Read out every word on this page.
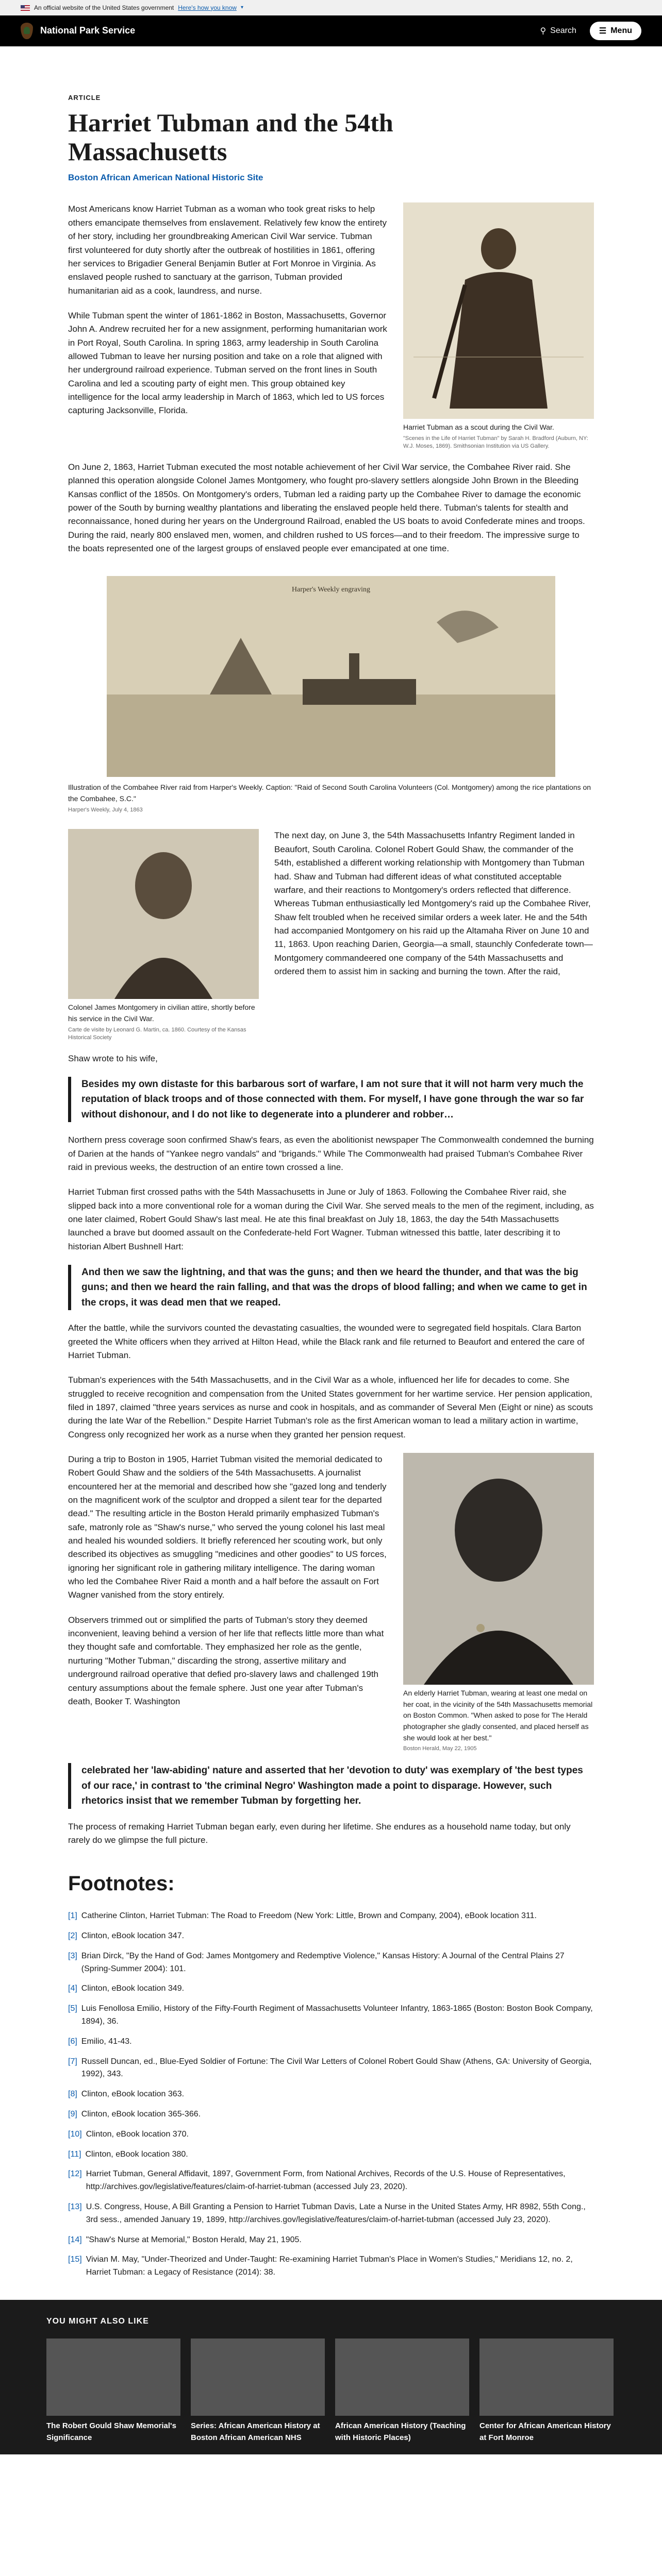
An official website of the United States government Here's how you know ▾
National Park Service	⚲ Search	☰ Menu
ARTICLE
Harriet Tubman and the 54th Massachusetts
Boston African American National Historic Site
Harriet Tubman as a scout during the Civil War.
"Scenes in the Life of Harriet Tubman" by Sarah H. Bradford (Auburn, NY: W.J. Moses, 1869). Smithsonian Institution via US Gallery.

Most Americans know Harriet Tubman as a woman who took great risks to help others emancipate themselves from enslavement. Relatively few know the entirety of her story, including her groundbreaking American Civil War service. Tubman first volunteered for duty shortly after the outbreak of hostilities in 1861, offering her services to Brigadier General Benjamin Butler at Fort Monroe in Virginia. As enslaved people rushed to sanctuary at the garrison, Tubman provided humanitarian aid as a cook, laundress, and nurse.

While Tubman spent the winter of 1861-1862 in Boston, Massachusetts, Governor John A. Andrew recruited her for a new assignment, performing humanitarian work in Port Royal, South Carolina. In spring 1863, army leadership in South Carolina allowed Tubman to leave her nursing position and take on a role that aligned with her underground railroad experience. Tubman served on the front lines in South Carolina and led a scouting party of eight men. This group obtained key intelligence for the local army leadership in March of 1863, which led to US forces capturing Jacksonville, Florida.

On June 2, 1863, Harriet Tubman executed the most notable achievement of her Civil War service, the Combahee River raid. She planned this operation alongside Colonel James Montgomery, who fought pro-slavery settlers alongside John Brown in the Bleeding Kansas conflict of the 1850s. On Montgomery's orders, Tubman led a raiding party up the Combahee River to damage the economic power of the South by burning wealthy plantations and liberating the enslaved people held there. Tubman's talents for stealth and reconnaissance, honed during her years on the Underground Railroad, enabled the US boats to avoid Confederate mines and troops. During the raid, nearly 800 enslaved men, women, and children rushed to US forces—and to their freedom. The impressive surge to the boats represented one of the largest groups of enslaved people ever emancipated at one time.

Harper's Weekly engraving
Illustration of the Combahee River raid from Harper's Weekly. Caption: "Raid of Second South Carolina Volunteers (Col. Montgomery) among the rice plantations on the Combahee, S.C."
Harper's Weekly, July 4, 1863
Colonel James Montgomery in civilian attire, shortly before his service in the Civil War.
Carte de visite by Leonard G. Martin, ca. 1860. Courtesy of the Kansas Historical Society

The next day, on June 3, the 54th Massachusetts Infantry Regiment landed in Beaufort, South Carolina. Colonel Robert Gould Shaw, the commander of the 54th, established a different working relationship with Montgomery than Tubman had. Shaw and Tubman had different ideas of what constituted acceptable warfare, and their reactions to Montgomery's orders reflected that difference. Whereas Tubman enthusiastically led Montgomery's raid up the Combahee River, Shaw felt troubled when he received similar orders a week later. He and the 54th had accompanied Montgomery on his raid up the Altamaha River on June 10 and 11, 1863. Upon reaching Darien, Georgia—a small, staunchly Confederate town—Montgomery commandeered one company of the 54th Massachusetts and ordered them to assist him in sacking and burning the town. After the raid,

Shaw wrote to his wife,

Besides my own distaste for this barbarous sort of warfare, I am not sure that it will not harm very much the reputation of black troops and of those connected with them. For myself, I have gone through the war so far without dishonour, and I do not like to degenerate into a plunderer and robber…

Northern press coverage soon confirmed Shaw's fears, as even the abolitionist newspaper The Commonwealth condemned the burning of Darien at the hands of "Yankee negro vandals" and "brigands." While The Commonwealth had praised Tubman's Combahee River raid in previous weeks, the destruction of an entire town crossed a line.

Harriet Tubman first crossed paths with the 54th Massachusetts in June or July of 1863. Following the Combahee River raid, she slipped back into a more conventional role for a woman during the Civil War. She served meals to the men of the regiment, including, as one later claimed, Robert Gould Shaw's last meal. He ate this final breakfast on July 18, 1863, the day the 54th Massachusetts launched a brave but doomed assault on the Confederate-held Fort Wagner. Tubman witnessed this battle, later describing it to historian Albert Bushnell Hart:

And then we saw the lightning, and that was the guns; and then we heard the thunder, and that was the big guns; and then we heard the rain falling, and that was the drops of blood falling; and when we came to get in the crops, it was dead men that we reaped.

After the battle, while the survivors counted the devastating casualties, the wounded were to segregated field hospitals. Clara Barton greeted the White officers when they arrived at Hilton Head, while the Black rank and file returned to Beaufort and entered the care of Harriet Tubman.

Tubman's experiences with the 54th Massachusetts, and in the Civil War as a whole, influenced her life for decades to come. She struggled to receive recognition and compensation from the United States government for her wartime service. Her pension application, filed in 1897, claimed "three years services as nurse and cook in hospitals, and as commander of Several Men (Eight or nine) as scouts during the late War of the Rebellion." Despite Harriet Tubman's role as the first American woman to lead a military action in wartime, Congress only recognized her work as a nurse when they granted her pension request.

An elderly Harriet Tubman, wearing at least one medal on her coat, in the vicinity of the 54th Massachusetts memorial on Boston Common. "When asked to pose for The Herald photographer she gladly consented, and placed herself as she would look at her best."
Boston Herald, May 22, 1905

During a trip to Boston in 1905, Harriet Tubman visited the memorial dedicated to Robert Gould Shaw and the soldiers of the 54th Massachusetts. A journalist encountered her at the memorial and described how she "gazed long and tenderly on the magnificent work of the sculptor and dropped a silent tear for the departed dead." The resulting article in the Boston Herald primarily emphasized Tubman's safe, matronly role as "Shaw's nurse," who served the young colonel his last meal and healed his wounded soldiers. It briefly referenced her scouting work, but only described its objectives as smuggling "medicines and other goodies" to US forces, ignoring her significant role in gathering military intelligence. The daring woman who led the Combahee River Raid a month and a half before the assault on Fort Wagner vanished from the story entirely.

Observers trimmed out or simplified the parts of Tubman's story they deemed inconvenient, leaving behind a version of her life that reflects little more than what they thought safe and comfortable. They emphasized her role as the gentle, nurturing "Mother Tubman," discarding the strong, assertive military and underground railroad operative that defied pro-slavery laws and challenged 19th century assumptions about the female sphere. Just one year after Tubman's death, Booker T. Washington

celebrated her 'law-abiding' nature and asserted that her 'devotion to duty' was exemplary of 'the best types of our race,' in contrast to 'the criminal Negro' Washington made a point to disparage. However, such rhetorics insist that we remember Tubman by forgetting her.

The process of remaking Harriet Tubman began early, even during her lifetime. She endures as a household name today, but only rarely do we glimpse the full picture.

Footnotes:
[1] Catherine Clinton, Harriet Tubman: The Road to Freedom (New York: Little, Brown and Company, 2004), eBook location 311.
[2] Clinton, eBook location 347.
[3] Brian Dirck, "By the Hand of God: James Montgomery and Redemptive Violence," Kansas History: A Journal of the Central Plains 27 (Spring-Summer 2004): 101.
[4] Clinton, eBook location 349.
[5] Luis Fenollosa Emilio, History of the Fifty-Fourth Regiment of Massachusetts Volunteer Infantry, 1863-1865 (Boston: Boston Book Company, 1894), 36.
[6] Emilio, 41-43.
[7] Russell Duncan, ed., Blue-Eyed Soldier of Fortune: The Civil War Letters of Colonel Robert Gould Shaw (Athens, GA: University of Georgia, 1992), 343.
[8] Clinton, eBook location 363.
[9] Clinton, eBook location 365-366.
[10] Clinton, eBook location 370.
[11] Clinton, eBook location 380.
[12] Harriet Tubman, General Affidavit, 1897, Government Form, from National Archives, Records of the U.S. House of Representatives, http://archives.gov/legislative/features/claim-of-harriet-tubman (accessed July 23, 2020).
[13] U.S. Congress, House, A Bill Granting a Pension to Harriet Tubman Davis, Late a Nurse in the United States Army, HR 8982, 55th Cong., 3rd sess., amended January 19, 1899, http://archives.gov/legislative/features/claim-of-harriet-tubman (accessed July 23, 2020).
[14] "Shaw's Nurse at Memorial," Boston Herald, May 21, 1905.
[15] Vivian M. May, "Under-Theorized and Under-Taught: Re-examining Harriet Tubman's Place in Women's Studies," Meridians 12, no. 2, Harriet Tubman: a Legacy of Resistance (2014): 38.
YOU MIGHT ALSO LIKE
The Robert Gould Shaw Memorial's Significance
Series: African American History at Boston African American NHS
African American History (Teaching with Historic Places)
Center for African American History at Fort Monroe
